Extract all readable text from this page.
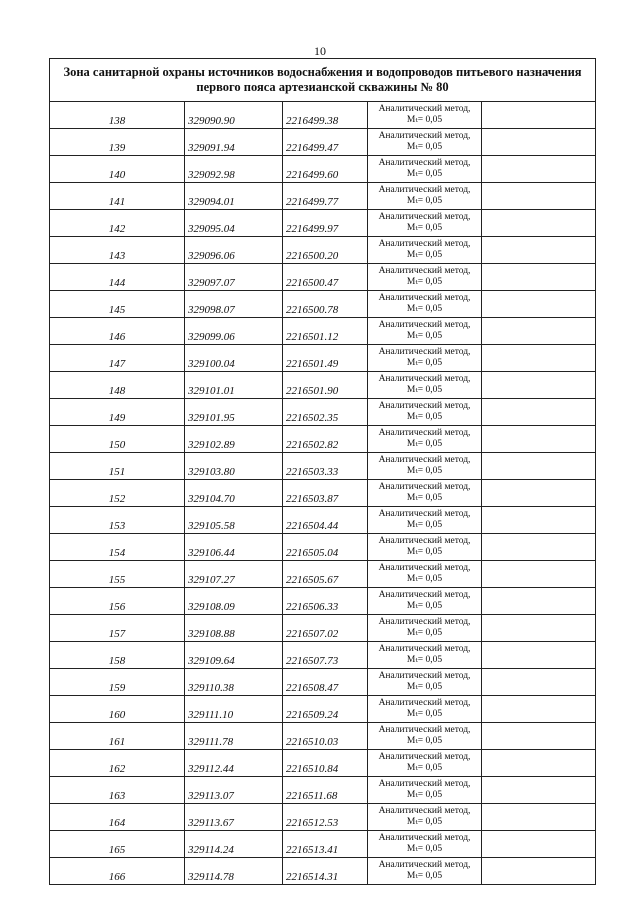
10
Зона санитарной охраны источников водоснабжения и водопроводов питьевого назначения
первого пояса артезианской скважины № 80				
138	329090.90	2216499.38	Аналитический метод,
Mₜ= 0,05	

139	329091.94	2216499.47	Аналитический метод,
Mₜ= 0,05	

140	329092.98	2216499.60	Аналитический метод,
Mₜ= 0,05	

141	329094.01	2216499.77	Аналитический метод,
Mₜ= 0,05	

142	329095.04	2216499.97	Аналитический метод,
Mₜ= 0,05	

143	329096.06	2216500.20	Аналитический метод,
Mₜ= 0,05	

144	329097.07	2216500.47	Аналитический метод,
Mₜ= 0,05	

145	329098.07	2216500.78	Аналитический метод,
Mₜ= 0,05	

146	329099.06	2216501.12	Аналитический метод,
Mₜ= 0,05	

147	329100.04	2216501.49	Аналитический метод,
Mₜ= 0,05	

148	329101.01	2216501.90	Аналитический метод,
Mₜ= 0,05	

149	329101.95	2216502.35	Аналитический метод,
Mₜ= 0,05	

150	329102.89	2216502.82	Аналитический метод,
Mₜ= 0,05	

151	329103.80	2216503.33	Аналитический метод,
Mₜ= 0,05	

152	329104.70	2216503.87	Аналитический метод,
Mₜ= 0,05	

153	329105.58	2216504.44	Аналитический метод,
Mₜ= 0,05	

154	329106.44	2216505.04	Аналитический метод,
Mₜ= 0,05	

155	329107.27	2216505.67	Аналитический метод,
Mₜ= 0,05	

156	329108.09	2216506.33	Аналитический метод,
Mₜ= 0,05	

157	329108.88	2216507.02	Аналитический метод,
Mₜ= 0,05	

158	329109.64	2216507.73	Аналитический метод,
Mₜ= 0,05	

159	329110.38	2216508.47	Аналитический метод,
Mₜ= 0,05	

160	329111.10	2216509.24	Аналитический метод,
Mₜ= 0,05	

161	329111.78	2216510.03	Аналитический метод,
Mₜ= 0,05	

162	329112.44	2216510.84	Аналитический метод,
Mₜ= 0,05	

163	329113.07	2216511.68	Аналитический метод,
Mₜ= 0,05	

164	329113.67	2216512.53	Аналитический метод,
Mₜ= 0,05	

165	329114.24	2216513.41	Аналитический метод,
Mₜ= 0,05	

166	329114.78	2216514.31	Аналитический метод,
Mₜ= 0,05	
